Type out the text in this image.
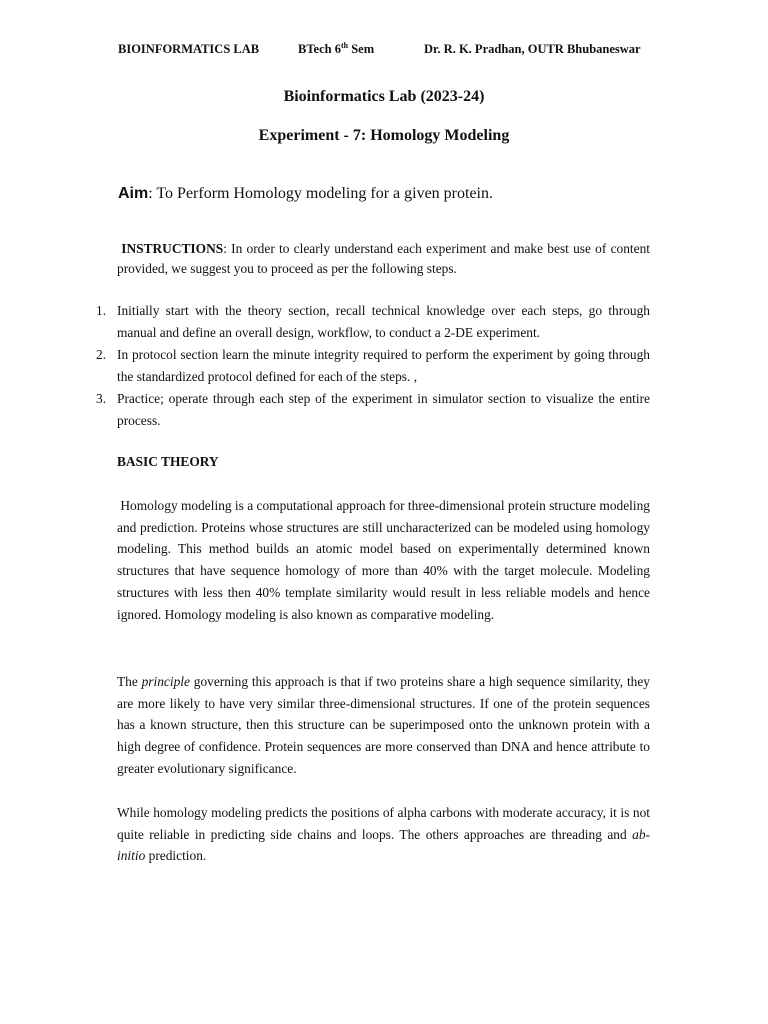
BIOINFORMATICS LAB	BTech 6th Sem	Dr. R. K. Pradhan, OUTR Bhubaneswar
Bioinformatics Lab (2023-24)
Experiment - 7: Homology Modeling
Aim: To Perform Homology modeling for a given protein.
INSTRUCTIONS: In order to clearly understand each experiment and make best use of content provided, we suggest you to proceed as per the following steps.
1. Initially start with the theory section, recall technical knowledge over each steps, go through manual and define an overall design, workflow, to conduct a 2-DE experiment.
2. In protocol section learn the minute integrity required to perform the experiment by going through the standardized protocol defined for each of the steps. ,
3. Practice; operate through each step of the experiment in simulator section to visualize the entire process.
BASIC THEORY
Homology modeling is a computational approach for three-dimensional protein structure modeling and prediction. Proteins whose structures are still uncharacterized can be modeled using homology modeling. This method builds an atomic model based on experimentally determined known structures that have sequence homology of more than 40% with the target molecule. Modeling structures with less then 40% template similarity would result in less reliable models and hence ignored. Homology modeling is also known as comparative modeling.
The principle governing this approach is that if two proteins share a high sequence similarity, they are more likely to have very similar three-dimensional structures. If one of the protein sequences has a known structure, then this structure can be superimposed onto the unknown protein with a high degree of confidence. Protein sequences are more conserved than DNA and hence attribute to greater evolutionary significance.
While homology modeling predicts the positions of alpha carbons with moderate accuracy, it is not quite reliable in predicting side chains and loops. The others approaches are threading and ab- initio prediction.
